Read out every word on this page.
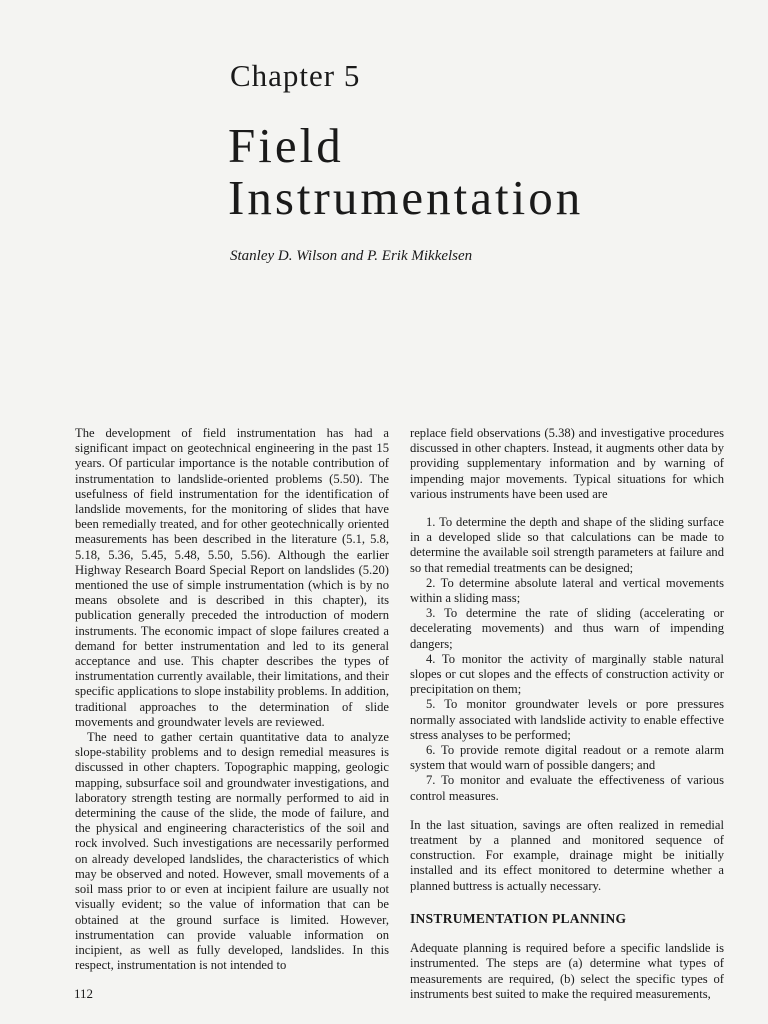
Chapter 5
Field
Instrumentation

Stanley D. Wilson and P. Erik Mikkelsen

The development of field instrumentation has had a significant impact on geotechnical engineering in the past 15 years. Of particular importance is the notable contribution of instrumentation to landslide-oriented problems (5.50). The usefulness of field instrumentation for the identification of landslide movements, for the monitoring of slides that have been remedially treated, and for other geotechnically oriented measurements has been described in the literature (5.1, 5.8, 5.18, 5.36, 5.45, 5.48, 5.50, 5.56). Although the earlier Highway Research Board Special Report on landslides (5.20) mentioned the use of simple instrumentation (which is by no means obsolete and is described in this chapter), its publication generally preceded the introduction of modern instruments. The economic impact of slope failures created a demand for better instrumentation and led to its general acceptance and use. This chapter describes the types of instrumentation currently available, their limitations, and their specific applications to slope instability problems. In addition, traditional approaches to the determination of slide movements and groundwater levels are reviewed.

The need to gather certain quantitative data to analyze slope-stability problems and to design remedial measures is discussed in other chapters. Topographic mapping, geologic mapping, subsurface soil and groundwater investigations, and laboratory strength testing are normally performed to aid in determining the cause of the slide, the mode of failure, and the physical and engineering characteristics of the soil and rock involved. Such investigations are necessarily performed on already developed landslides, the characteristics of which may be observed and noted. However, small movements of a soil mass prior to or even at incipient failure are usually not visually evident; so the value of information that can be obtained at the ground surface is limited. However, instrumentation can provide valuable information on incipient, as well as fully developed, landslides. In this respect, instrumentation is not intended to

replace field observations (5.38) and investigative procedures discussed in other chapters. Instead, it augments other data by providing supplementary information and by warning of impending major movements. Typical situations for which various instruments have been used are

1. To determine the depth and shape of the sliding surface in a developed slide so that calculations can be made to determine the available soil strength parameters at failure and so that remedial treatments can be designed;
2. To determine absolute lateral and vertical movements within a sliding mass;
3. To determine the rate of sliding (accelerating or decelerating movements) and thus warn of impending dangers;
4. To monitor the activity of marginally stable natural slopes or cut slopes and the effects of construction activity or precipitation on them;
5. To monitor groundwater levels or pore pressures normally associated with landslide activity to enable effective stress analyses to be performed;
6. To provide remote digital readout or a remote alarm system that would warn of possible dangers; and
7. To monitor and evaluate the effectiveness of various control measures.

In the last situation, savings are often realized in remedial treatment by a planned and monitored sequence of construction. For example, drainage might be initially installed and its effect monitored to determine whether a planned buttress is actually necessary.

INSTRUMENTATION PLANNING

Adequate planning is required before a specific landslide is instrumented. The steps are (a) determine what types of measurements are required, (b) select the specific types of instruments best suited to make the required measurements,

112
